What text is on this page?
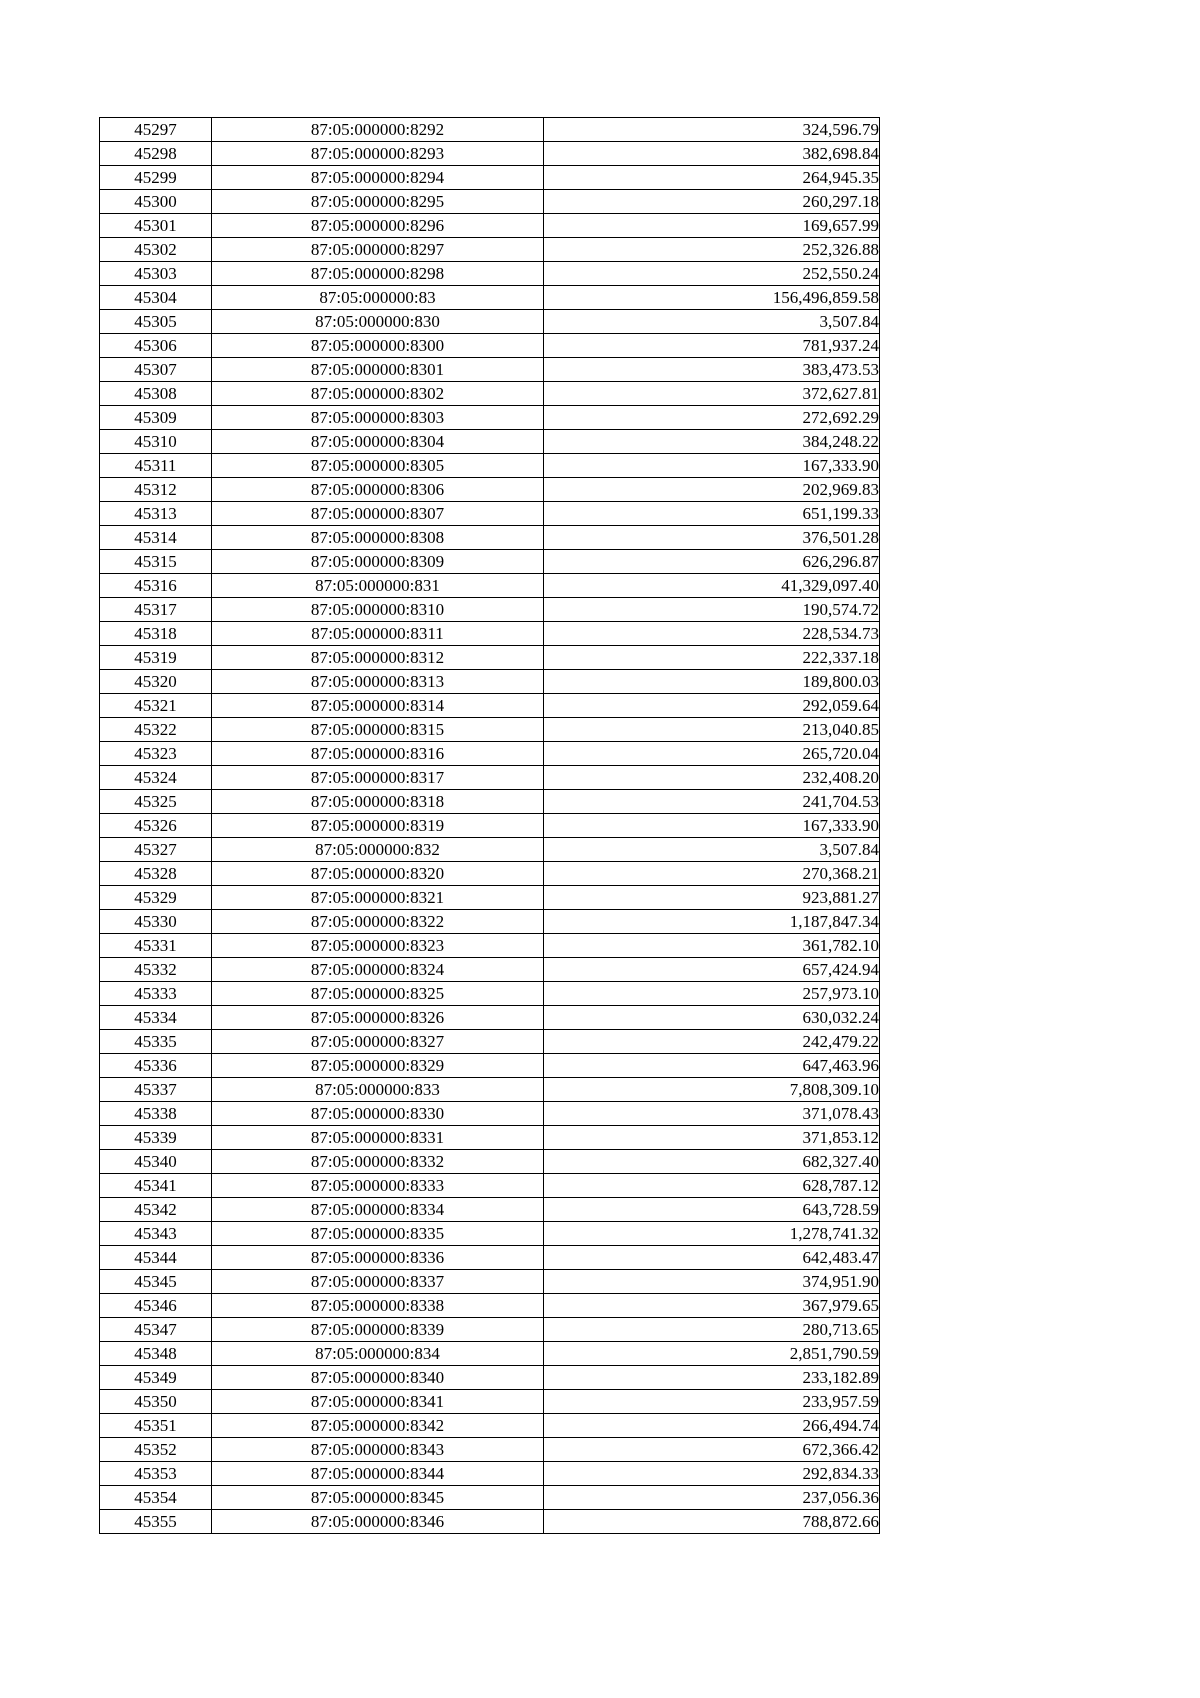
45297	87:05:000000:8292	324,596.79
45298	87:05:000000:8293	382,698.84
45299	87:05:000000:8294	264,945.35
45300	87:05:000000:8295	260,297.18
45301	87:05:000000:8296	169,657.99
45302	87:05:000000:8297	252,326.88
45303	87:05:000000:8298	252,550.24
45304	87:05:000000:83	156,496,859.58
45305	87:05:000000:830	3,507.84
45306	87:05:000000:8300	781,937.24
45307	87:05:000000:8301	383,473.53
45308	87:05:000000:8302	372,627.81
45309	87:05:000000:8303	272,692.29
45310	87:05:000000:8304	384,248.22
45311	87:05:000000:8305	167,333.90
45312	87:05:000000:8306	202,969.83
45313	87:05:000000:8307	651,199.33
45314	87:05:000000:8308	376,501.28
45315	87:05:000000:8309	626,296.87
45316	87:05:000000:831	41,329,097.40
45317	87:05:000000:8310	190,574.72
45318	87:05:000000:8311	228,534.73
45319	87:05:000000:8312	222,337.18
45320	87:05:000000:8313	189,800.03
45321	87:05:000000:8314	292,059.64
45322	87:05:000000:8315	213,040.85
45323	87:05:000000:8316	265,720.04
45324	87:05:000000:8317	232,408.20
45325	87:05:000000:8318	241,704.53
45326	87:05:000000:8319	167,333.90
45327	87:05:000000:832	3,507.84
45328	87:05:000000:8320	270,368.21
45329	87:05:000000:8321	923,881.27
45330	87:05:000000:8322	1,187,847.34
45331	87:05:000000:8323	361,782.10
45332	87:05:000000:8324	657,424.94
45333	87:05:000000:8325	257,973.10
45334	87:05:000000:8326	630,032.24
45335	87:05:000000:8327	242,479.22
45336	87:05:000000:8329	647,463.96
45337	87:05:000000:833	7,808,309.10
45338	87:05:000000:8330	371,078.43
45339	87:05:000000:8331	371,853.12
45340	87:05:000000:8332	682,327.40
45341	87:05:000000:8333	628,787.12
45342	87:05:000000:8334	643,728.59
45343	87:05:000000:8335	1,278,741.32
45344	87:05:000000:8336	642,483.47
45345	87:05:000000:8337	374,951.90
45346	87:05:000000:8338	367,979.65
45347	87:05:000000:8339	280,713.65
45348	87:05:000000:834	2,851,790.59
45349	87:05:000000:8340	233,182.89
45350	87:05:000000:8341	233,957.59
45351	87:05:000000:8342	266,494.74
45352	87:05:000000:8343	672,366.42
45353	87:05:000000:8344	292,834.33
45354	87:05:000000:8345	237,056.36
45355	87:05:000000:8346	788,872.66
